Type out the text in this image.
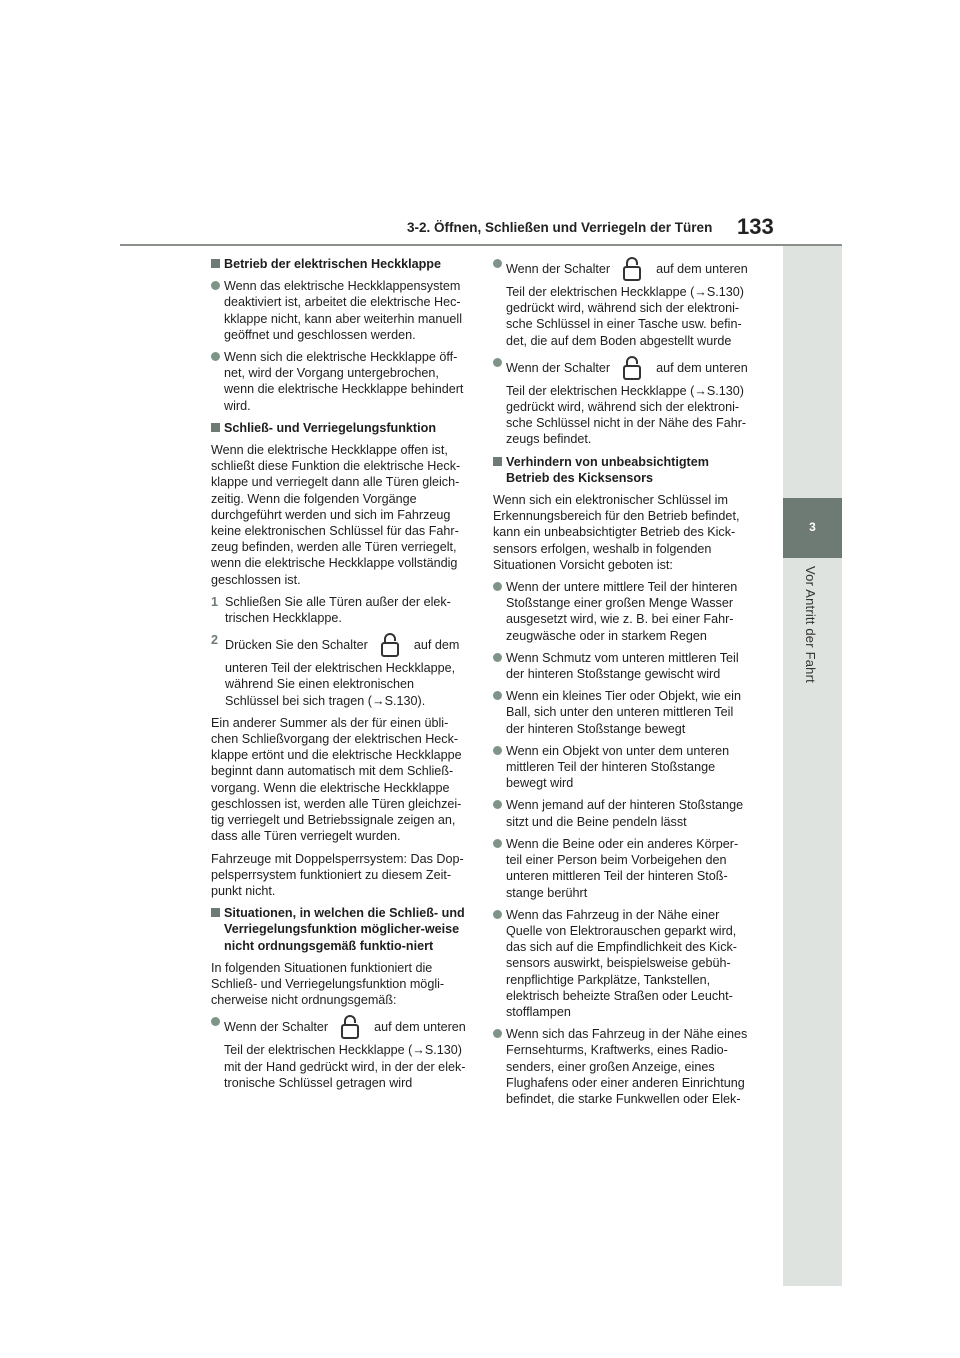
3-2. Öffnen, Schließen und Verriegeln der Türen 133
3
Vor Antritt der Fahrt
Betrieb der elektrischen Heckklappe
Wenn das elektrische Heckklappensystem deaktiviert ist, arbeitet die elektrische Hec-kklappe nicht, kann aber weiterhin manuell geöffnet und geschlossen werden.
Wenn sich die elektrische Heckklappe öff-net, wird der Vorgang untergebrochen, wenn die elektrische Heckklappe behindert wird.
Schließ- und Verriegelungsfunktion
Wenn die elektrische Heckklappe offen ist, schließt diese Funktion die elektrische Heck-klappe und verriegelt dann alle Türen gleich-zeitig. Wenn die folgenden Vorgänge durchgeführt werden und sich im Fahrzeug keine elektronischen Schlüssel für das Fahr-zeug befinden, werden alle Türen verriegelt, wenn die elektrische Heckklappe vollständig geschlossen ist.
1 Schließen Sie alle Türen außer der elek-trischen Heckklappe.
2 Drücken Sie den Schalter	auf dem
unteren Teil der elektrischen Heckklappe, während Sie einen elektronischen Schlüssel bei sich tragen (→S.130).
Ein anderer Summer als der für einen übli-chen Schließvorgang der elektrischen Heck-klappe ertönt und die elektrische Heckklappe beginnt dann automatisch mit dem Schließ-vorgang. Wenn die elektrische Heckklappe geschlossen ist, werden alle Türen gleichzei-tig verriegelt und Betriebssignale zeigen an, dass alle Türen verriegelt wurden.
Fahrzeuge mit Doppelsperrsystem: Das Dop-pelsperrsystem funktioniert zu diesem Zeit-punkt nicht.
Situationen, in welchen die Schließ- und Verriegelungsfunktion möglicher-weise nicht ordnungsgemäß funktio-niert
In folgenden Situationen funktioniert die Schließ- und Verriegelungsfunktion mögli-cherweise nicht ordnungsgemäß:
Wenn der Schalter	auf dem unteren
Teil der elektrischen Heckklappe (→S.130) mit der Hand gedrückt wird, in der der elek-tronische Schlüssel getragen wird
Wenn der Schalter	auf dem unteren
Teil der elektrischen Heckklappe (→S.130) gedrückt wird, während sich der elektroni-sche Schlüssel in einer Tasche usw. befin-det, die auf dem Boden abgestellt wurde
Wenn der Schalter	auf dem unteren
Teil der elektrischen Heckklappe (→S.130) gedrückt wird, während sich der elektroni-sche Schlüssel nicht in der Nähe des Fahr-zeugs befindet.
Verhindern von unbeabsichtigtem Betrieb des Kicksensors
Wenn sich ein elektronischer Schlüssel im Erkennungsbereich für den Betrieb befindet, kann ein unbeabsichtigter Betrieb des Kick-sensors erfolgen, weshalb in folgenden Situationen Vorsicht geboten ist:
Wenn der untere mittlere Teil der hinteren Stoßstange einer großen Menge Wasser ausgesetzt wird, wie z. B. bei einer Fahr-zeugwäsche oder in starkem Regen
Wenn Schmutz vom unteren mittleren Teil der hinteren Stoßstange gewischt wird
Wenn ein kleines Tier oder Objekt, wie ein Ball, sich unter den unteren mittleren Teil der hinteren Stoßstange bewegt
Wenn ein Objekt von unter dem unteren mittleren Teil der hinteren Stoßstange bewegt wird
Wenn jemand auf der hinteren Stoßstange sitzt und die Beine pendeln lässt
Wenn die Beine oder ein anderes Körper-teil einer Person beim Vorbeigehen den unteren mittleren Teil der hinteren Stoß-stange berührt
Wenn das Fahrzeug in der Nähe einer Quelle von Elektrorauschen geparkt wird, das sich auf die Empfindlichkeit des Kick-sensors auswirkt, beispielsweise gebüh-renpflichtige Parkplätze, Tankstellen, elektrisch beheizte Straßen oder Leucht-stofflampen
Wenn sich das Fahrzeug in der Nähe eines Fernsehturms, Kraftwerks, eines Radio-senders, einer großen Anzeige, eines Flughafens oder einer anderen Einrichtung befindet, die starke Funkwellen oder Elek-
